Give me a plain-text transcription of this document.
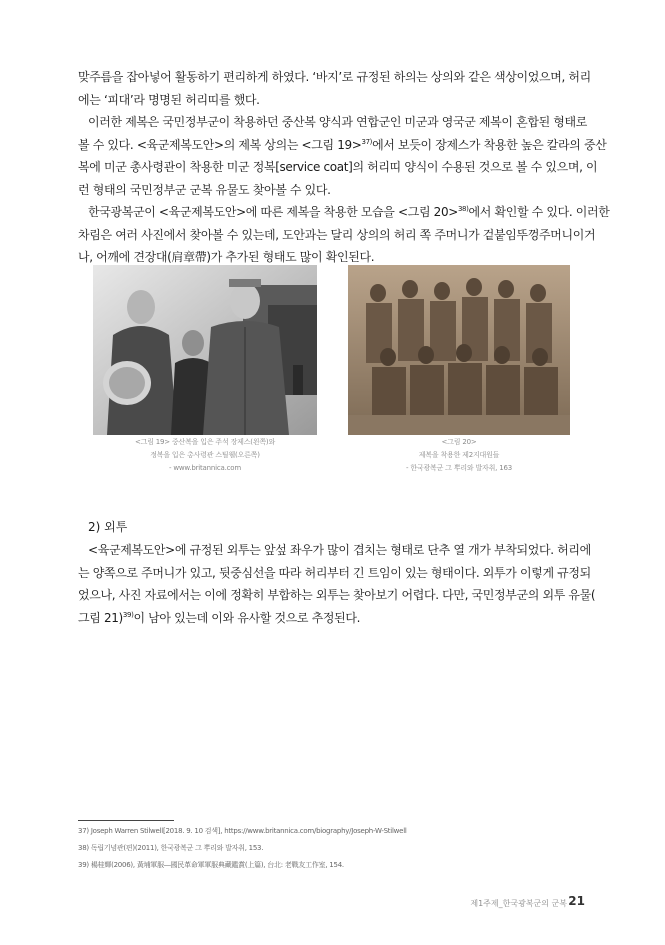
맞주름을 잡아넣어 활동하기 편리하게 하였다. ‘바지’로 규정된 하의는 상의와 같은 색상이었으며, 허리
에는 ‘피대’라 명명된 허리띠를 했다.

이러한 제복은 국민정부군이 착용하던 중산복 양식과 연합군인 미군과 영국군 제복이 혼합된 형태로
볼 수 있다. <육군제복도안>의 제복 상의는 <그림 19>$^{37)}$에서 보듯이 장제스가 착용한 높은 칼라의 중산
복에 미군 총사령관이 착용한 미군 정복[service coat]의 허리띠 양식이 수용된 것으로 볼 수 있으며, 이
런 형태의 국민정부군 군복 유물도 찾아볼 수 있다.

한국광복군이 <육군제복도안>에 따른 제복을 착용한 모습을 <그림 20>$^{38)}$에서 확인할 수 있다. 이러한
차림은 여러 사진에서 찾아볼 수 있는데, 도안과는 달리 상의의 허리 쪽 주머니가 겉붙임뚜껑주머니이거
나, 어깨에 견장대(肩章帶)가 추가된 형태도 많이 확인된다.

<그림 19> 중산복을 입은 주석 장제스(왼쪽)와
정복을 입은 총사령관 스틸웰(오른쪽)
- www.britannica.com
<그림 20>
제복을 착용한 제2지대원들
- 한국광복군 그 뿌리와 발자취, 163

2) 외투

<육군제복도안>에 규정된 외투는 앞섶 좌우가 많이 겹치는 형태로 단추 열 개가 부착되었다. 허리에
는 양쪽으로 주머니가 있고, 뒷중심선을 따라 허리부터 긴 트임이 있는 형태이다. 외투가 이렇게 규정되
었으나, 사진 자료에서는 이에 정확히 부합하는 외투는 찾아보기 어렵다. 다만, 국민정부군의 외투 유물(
그림 21)$^{39)}$이 남아 있는데 이와 유사할 것으로 추정된다.

37) Joseph Warren Stilwell[2018. 9. 10 검색], https://www.britannica.com/biography/Joseph-W-Stilwell
38) 독립기념관(편)(2011), 한국광복군 그 뿌리와 발자취, 153.
39) 楊桂輝(2006), 黃埔軍服―國民革命軍軍服典藏鑑賞(上篇), 台北: 老戰友工作室, 154.
제1주제_한국광복군의 군복 21
